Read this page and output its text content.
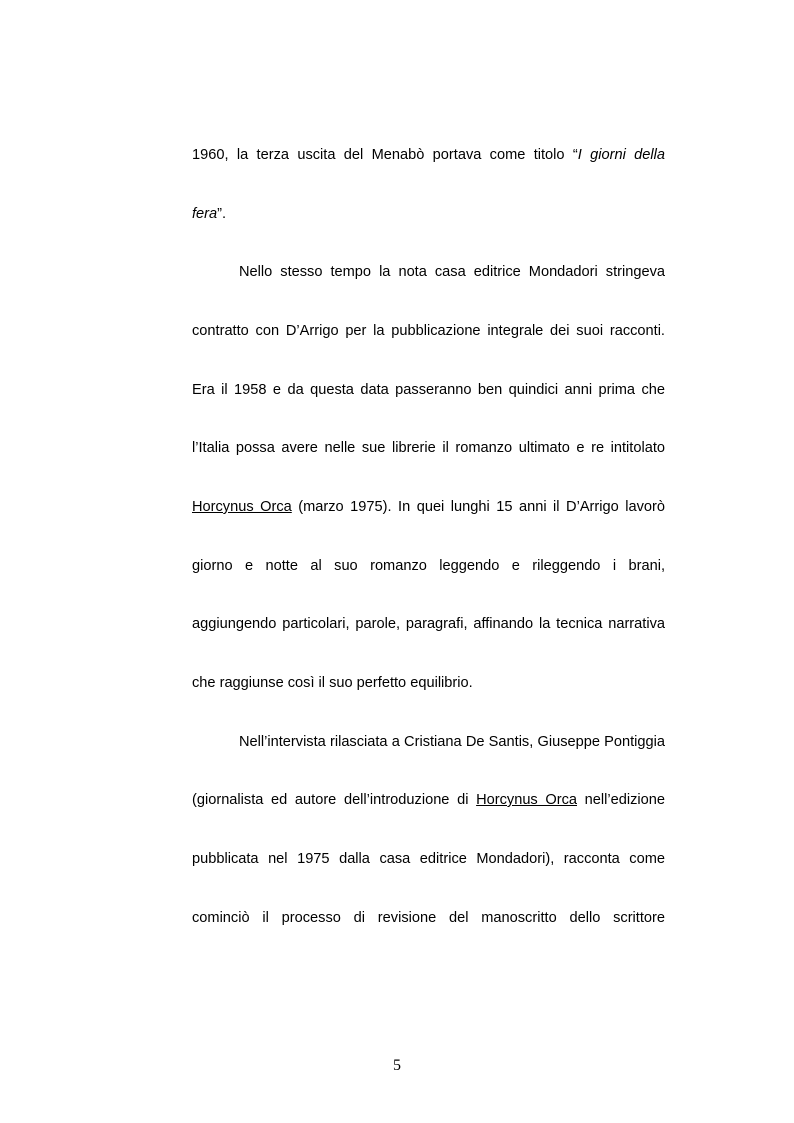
1960, la terza uscita del Menabò portava come titolo “I giorni della
fera”.
Nello stesso tempo la nota casa editrice Mondadori stringeva
contratto con D’Arrigo per la pubblicazione integrale dei suoi racconti.
Era il 1958 e da questa data passeranno ben quindici anni prima che
l’Italia possa avere nelle sue librerie il romanzo ultimato e re intitolato
Horcynus Orca (marzo 1975). In quei lunghi 15 anni il D’Arrigo lavorò
giorno e notte al suo romanzo leggendo e rileggendo i brani,
aggiungendo particolari, parole, paragrafi, affinando la tecnica narrativa
che raggiunse così il suo perfetto equilibrio.
Nell’intervista rilasciata a Cristiana De Santis, Giuseppe Pontiggia
(giornalista ed autore dell’introduzione di Horcynus Orca nell’edizione
pubblicata nel 1975 dalla casa editrice Mondadori), racconta come
cominciò il processo di revisione del manoscritto dello scrittore
5
